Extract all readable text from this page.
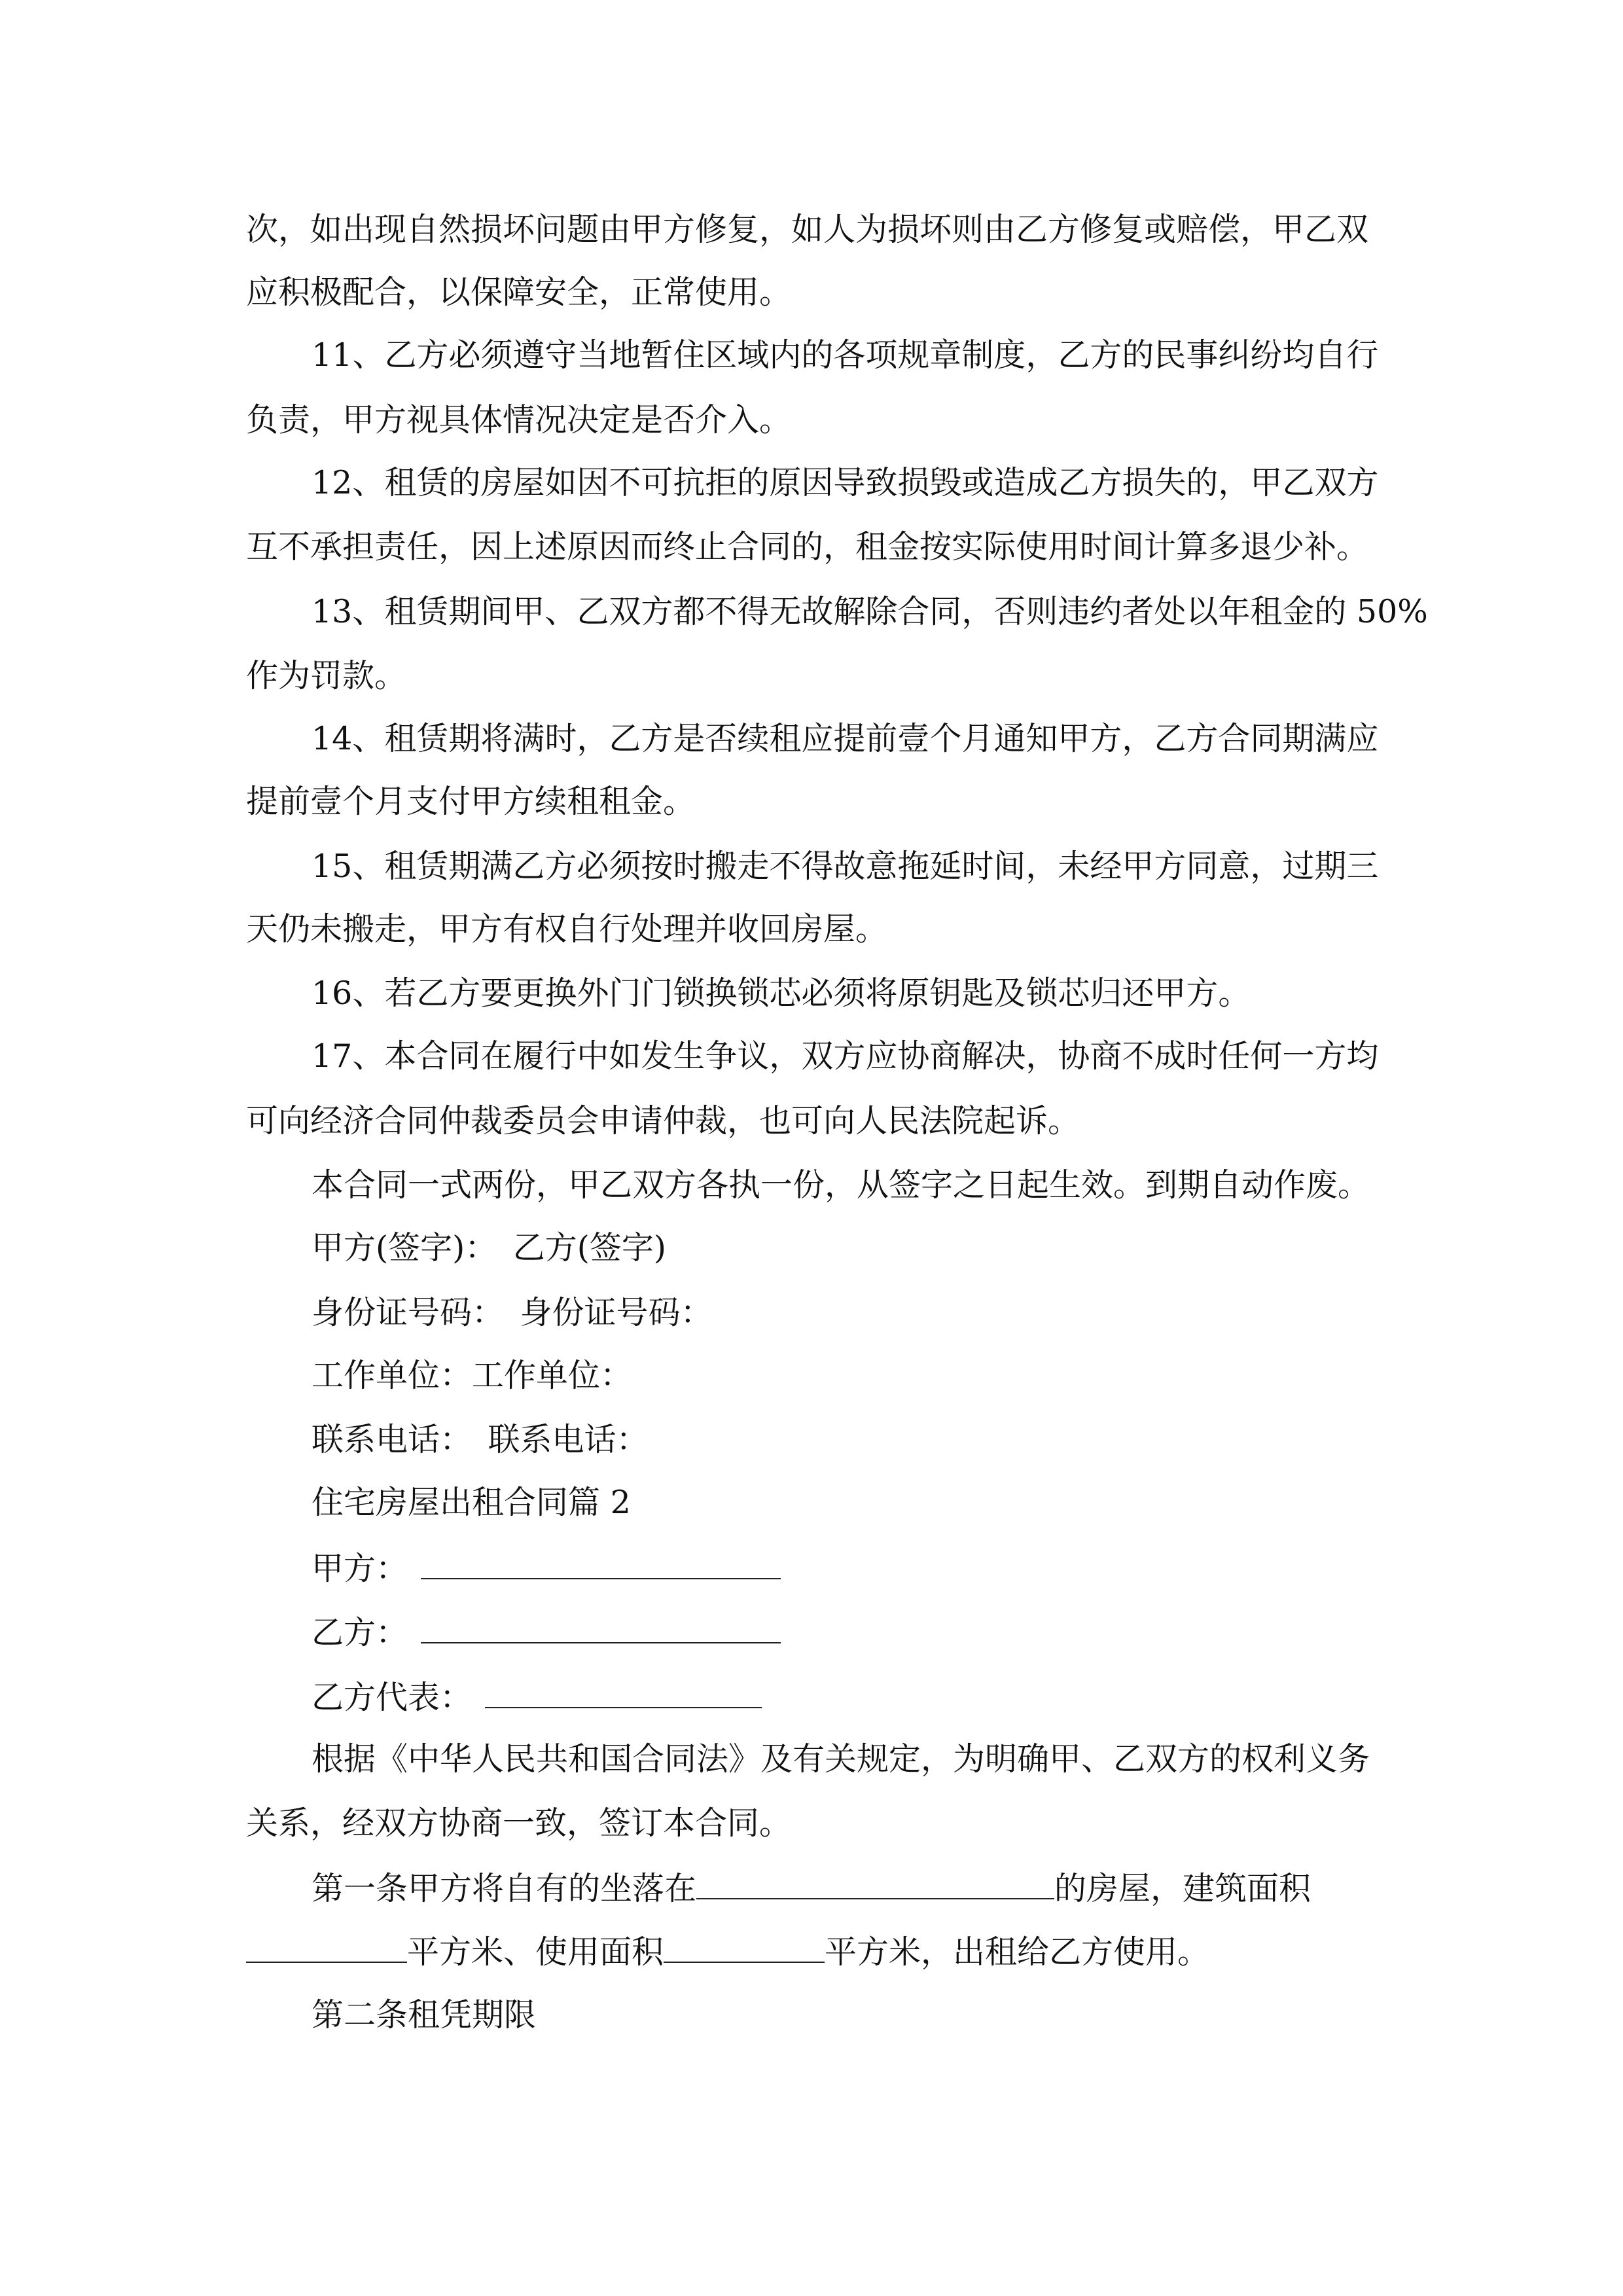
次，如出现自然损坏问题由甲方修复，如人为损坏则由乙方修复或赔偿，甲乙双
应积极配合，以保障安全，正常使用。
11、乙方必须遵守当地暂住区域内的各项规章制度，乙方的民事纠纷均自行
负责，甲方视具体情况决定是否介入。
12、租赁的房屋如因不可抗拒的原因导致损毁或造成乙方损失的，甲乙双方
互不承担责任，因上述原因而终止合同的，租金按实际使用时间计算多退少补。
13、租赁期间甲、乙双方都不得无故解除合同，否则违约者处以年租金的 50%
作为罚款。
14、租赁期将满时，乙方是否续租应提前壹个月通知甲方，乙方合同期满应
提前壹个月支付甲方续租租金。
15、租赁期满乙方必须按时搬走不得故意拖延时间，未经甲方同意，过期三
天仍未搬走，甲方有权自行处理并收回房屋。
16、若乙方要更换外门门锁换锁芯必须将原钥匙及锁芯归还甲方。
17、本合同在履行中如发生争议，双方应协商解决，协商不成时任何一方均
可向经济合同仲裁委员会申请仲裁，也可向人民法院起诉。
本合同一式两份，甲乙双方各执一份，从签字之日起生效。到期自动作废。
甲方(签字)：　乙方(签字)
身份证号码：　身份证号码：
工作单位：工作单位：
联系电话：　联系电话：
住宅房屋出租合同篇 2
甲方：
乙方：
乙方代表：
根据《中华人民共和国合同法》及有关规定，为明确甲、乙双方的权利义务
关系，经双方协商一致，签订本合同。
第一条甲方将自有的坐落在	的房屋，建筑面积
平方米、使用面积	平方米，出租给乙方使用。
第二条租凭期限
